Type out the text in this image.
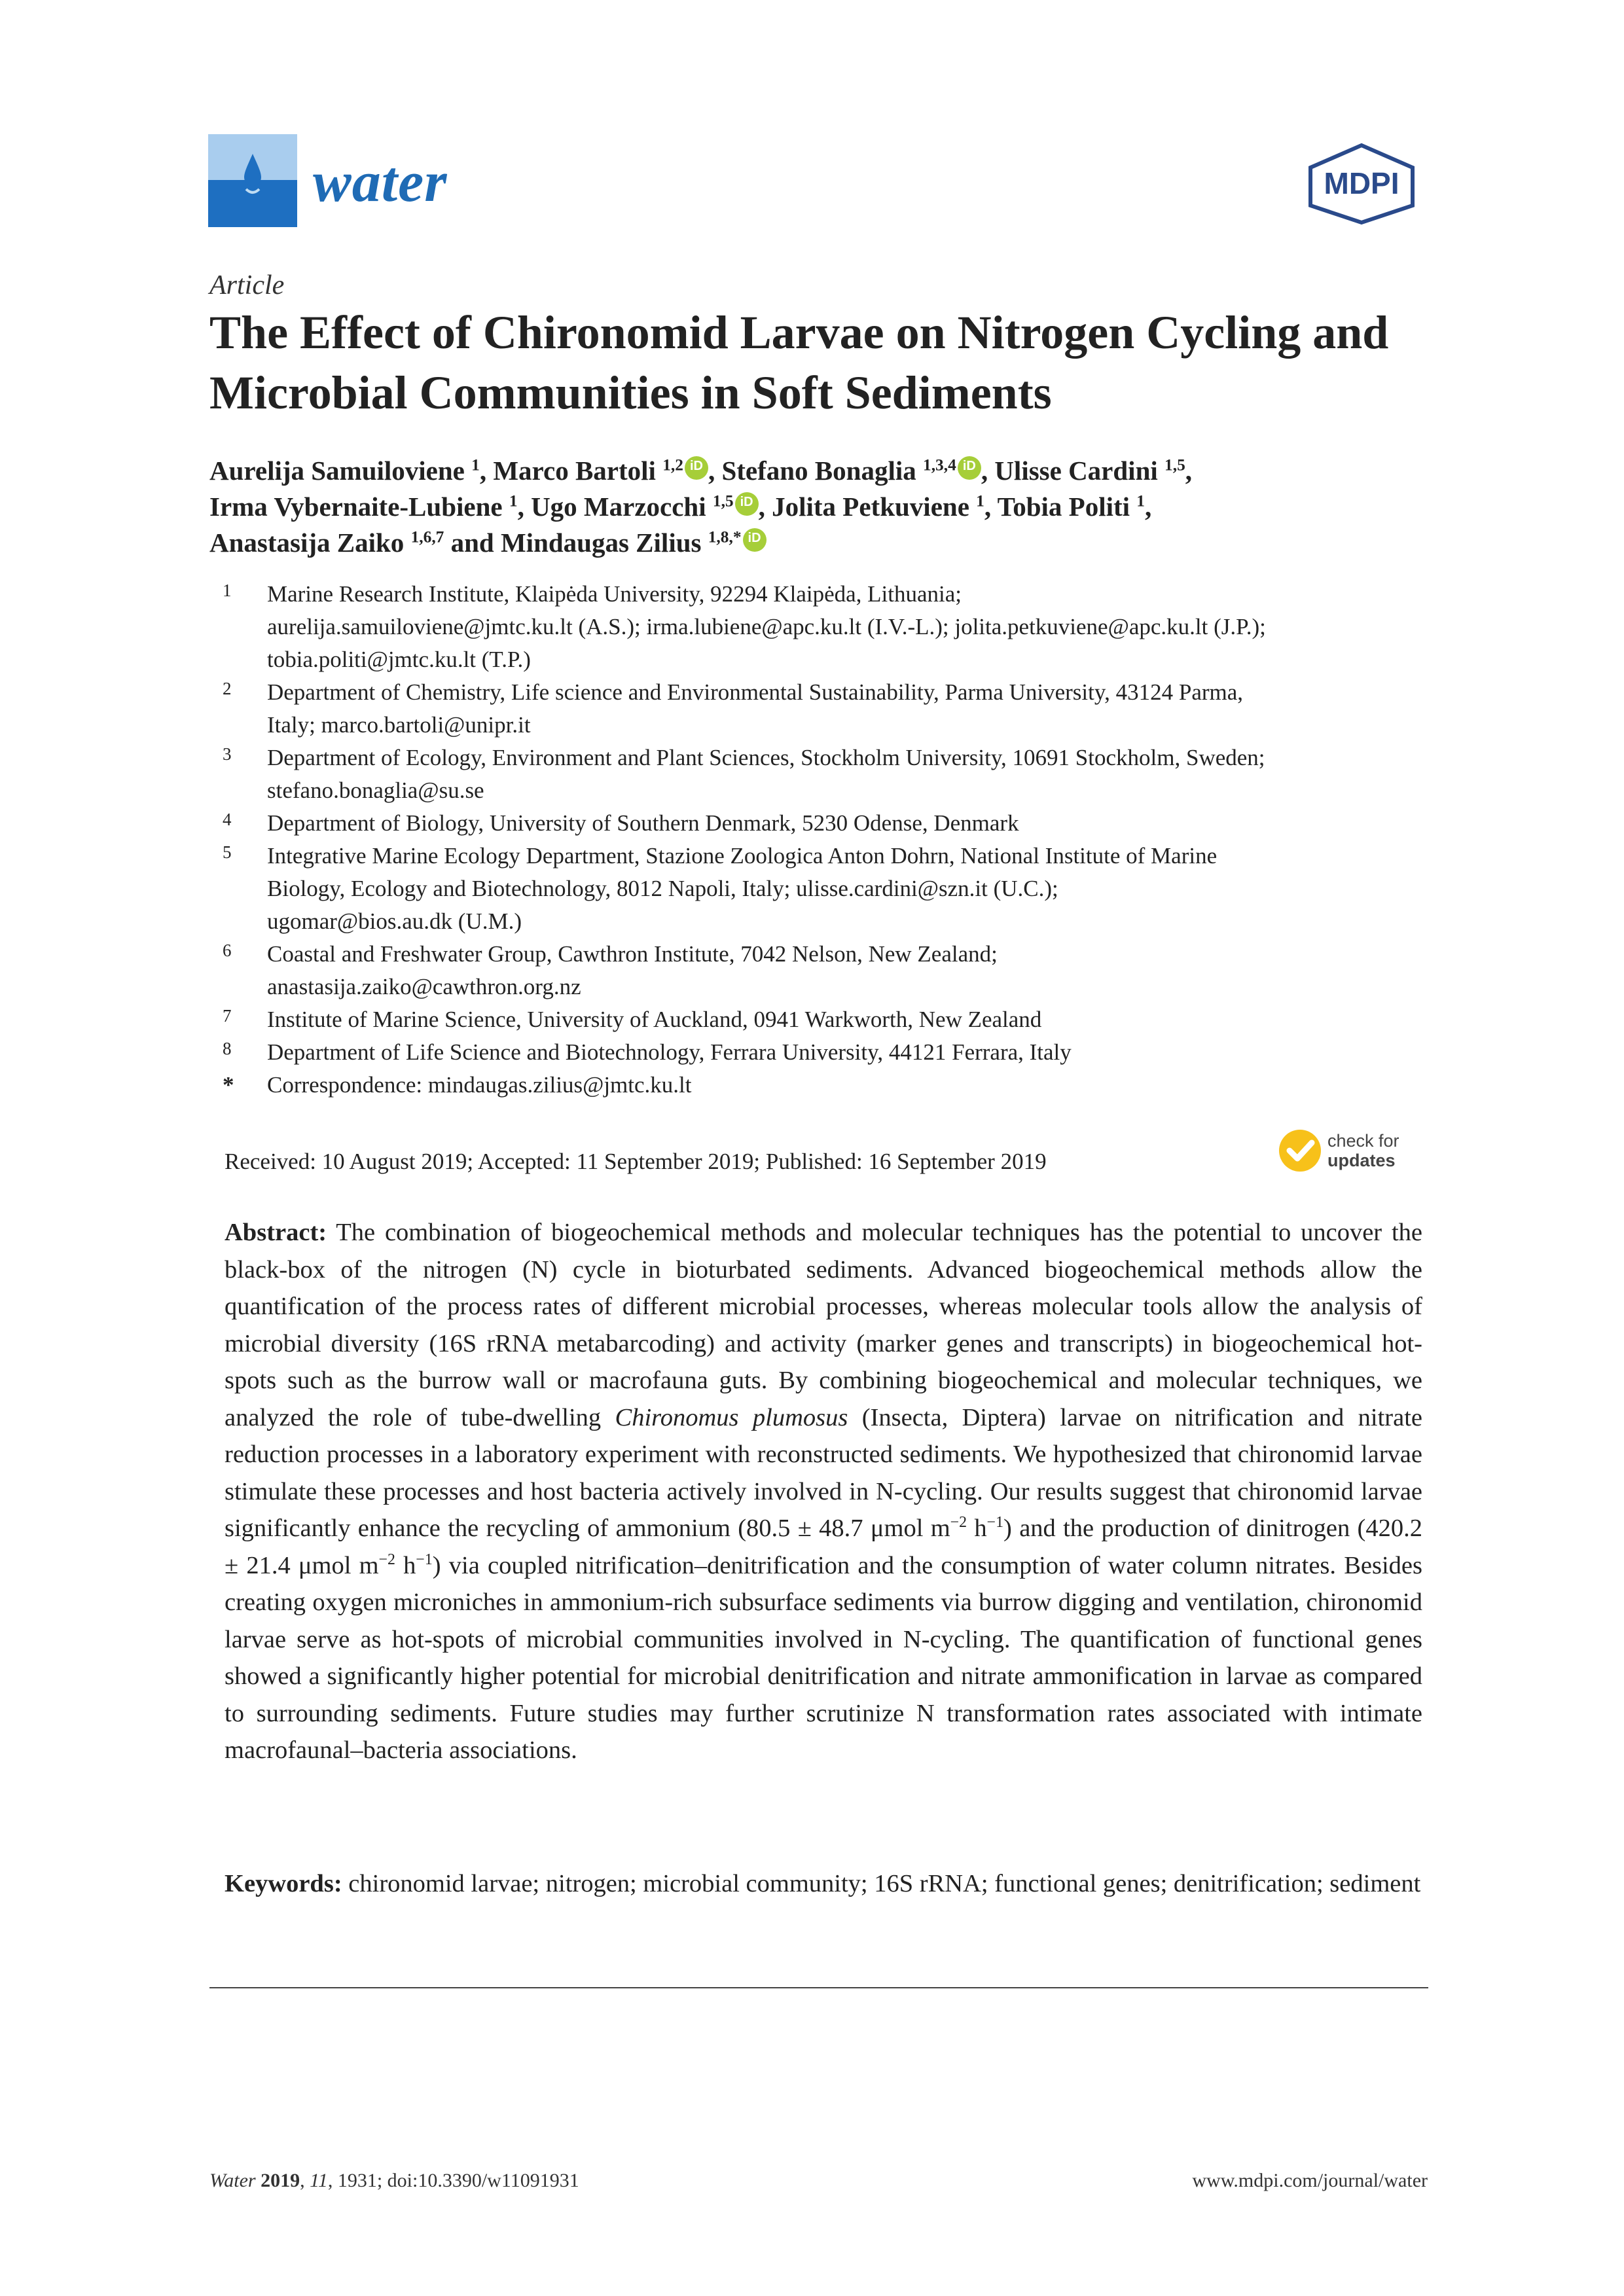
water	MDPI
Article
The Effect of Chironomid Larvae on Nitrogen Cycling and Microbial Communities in Soft Sediments
Aurelija Samuiloviene $^1$, Marco Bartoli $^{1,2}$ iD , Stefano Bonaglia $^{1,3,4}$ iD , Ulisse Cardini $^{1,5}$,
Irma Vybernaite-Lubiene $^1$, Ugo Marzocchi $^{1,5}$ iD , Jolita Petkuviene $^1$, Tobia Politi $^1$,
Anastasija Zaiko $^{1,6,7}$ and Mindaugas Zilius $^{1,8,*}$iD
1 Marine Research Institute, Klaipėda University, 92294 Klaipėda, Lithuania;
aurelija.samuiloviene@jmtc.ku.lt (A.S.); irma.lubiene@apc.ku.lt (I.V.-L.); jolita.petkuviene@apc.ku.lt (J.P.);
tobia.politi@jmtc.ku.lt (T.P.)
2 Department of Chemistry, Life science and Environmental Sustainability, Parma University, 43124 Parma,
Italy; marco.bartoli@unipr.it
3 Department of Ecology, Environment and Plant Sciences, Stockholm University, 10691 Stockholm, Sweden;
stefano.bonaglia@su.se
4 Department of Biology, University of Southern Denmark, 5230 Odense, Denmark
5 Integrative Marine Ecology Department, Stazione Zoologica Anton Dohrn, National Institute of Marine
Biology, Ecology and Biotechnology, 8012 Napoli, Italy; ulisse.cardini@szn.it (U.C.);
ugomar@bios.au.dk (U.M.)
6 Coastal and Freshwater Group, Cawthron Institute, 7042 Nelson, New Zealand;
anastasija.zaiko@cawthron.org.nz
7 Institute of Marine Science, University of Auckland, 0941 Warkworth, New Zealand
8 Department of Life Science and Biotechnology, Ferrara University, 44121 Ferrara, Italy
* Correspondence: mindaugas.zilius@jmtc.ku.lt
Received: 10 August 2019; Accepted: 11 September 2019; Published: 16 September 2019
check for
updates

Abstract: The combination of biogeochemical methods and molecular techniques has the potential to uncover the black-box of the nitrogen (N) cycle in bioturbated sediments. Advanced biogeochemical methods allow the quantification of the process rates of different microbial processes, whereas molecular tools allow the analysis of microbial diversity (16S rRNA metabarcoding) and activity (marker genes and transcripts) in biogeochemical hot-spots such as the burrow wall or macrofauna guts. By combining biogeochemical and molecular techniques, we analyzed the role of tube-dwelling Chironomus plumosus (Insecta, Diptera) larvae on nitrification and nitrate reduction processes in a laboratory experiment with reconstructed sediments. We hypothesized that chironomid larvae stimulate these processes and host bacteria actively involved in N-cycling. Our results suggest that chironomid larvae significantly enhance the recycling of ammonium (80.5 ± 48.7 μmol $m^{-2}$ $h^{-1}$) and the production of dinitrogen (420.2 ± 21.4 μmol $m^{-2}$ $h^{-1}$) via coupled nitrification–denitrification and the consumption of water column nitrates. Besides creating oxygen microniches in ammonium-rich subsurface sediments via burrow digging and ventilation, chironomid larvae serve as hot-spots of microbial communities involved in N-cycling. The quantification of functional genes showed a significantly higher potential for microbial denitrification and nitrate ammonification in larvae as compared to surrounding sediments. Future studies may further scrutinize N transformation rates associated with intimate macrofaunal–bacteria associations.

Keywords: chironomid larvae; nitrogen; microbial community; 16S rRNA; functional genes; denitrification; sediment

Water 2019, 11, 1931; doi:10.3390/w11091931	www.mdpi.com/journal/water
